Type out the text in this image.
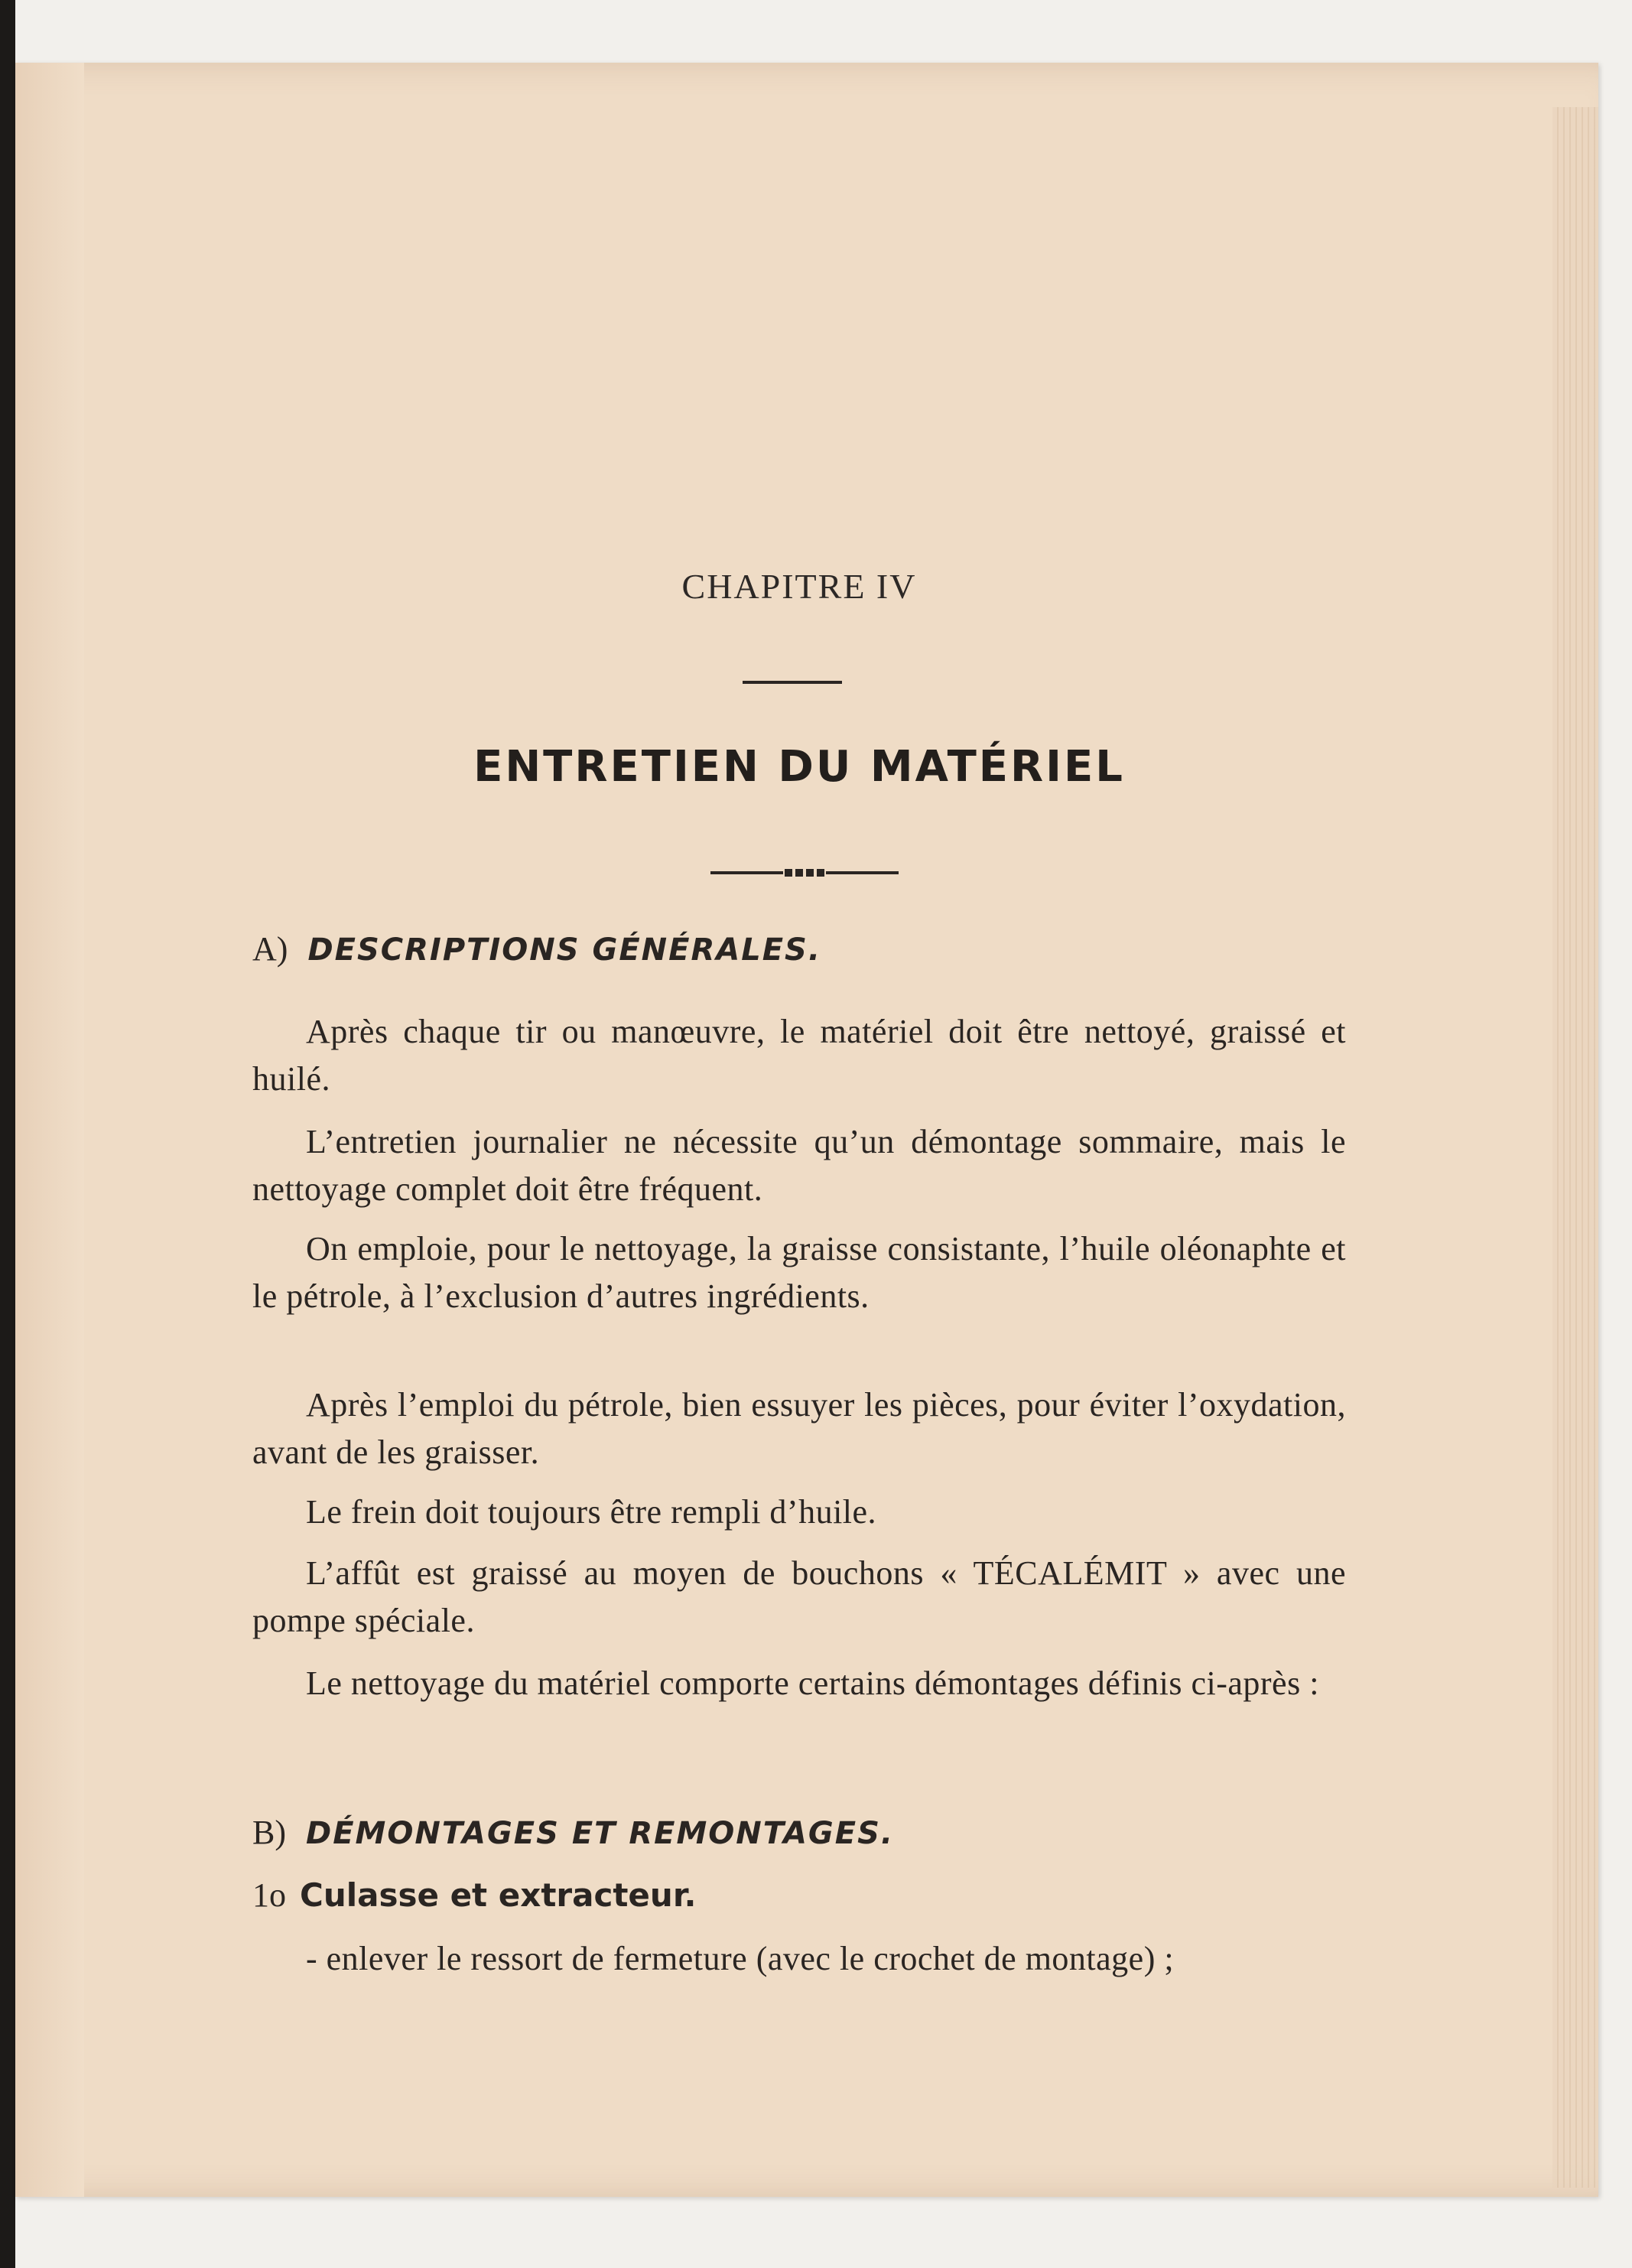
CHAPITRE IV
ENTRETIEN DU MATÉRIEL
A) DESCRIPTIONS GÉNÉRALES.
Après chaque tir ou manœuvre, le matériel doit être nettoyé, graissé et huilé.
L’entretien journalier ne nécessite qu’un démontage sommaire, mais le nettoyage complet doit être fréquent.
On emploie, pour le nettoyage, la graisse consistante, l’huile oléonaphte et le pétrole, à l’exclusion d’autres ingrédients.
Après l’emploi du pétrole, bien essuyer les pièces, pour éviter l’oxydation, avant de les graisser.
Le frein doit toujours être rempli d’huile.
L’affût est graissé au moyen de bouchons « TÉCALÉMIT » avec une pompe spéciale.
Le nettoyage du matériel comporte certains démontages définis ci-après :
B) DÉMONTAGES ET REMONTAGES.
1o Culasse et extracteur.
- enlever le ressort de fermeture (avec le crochet de montage) ;
